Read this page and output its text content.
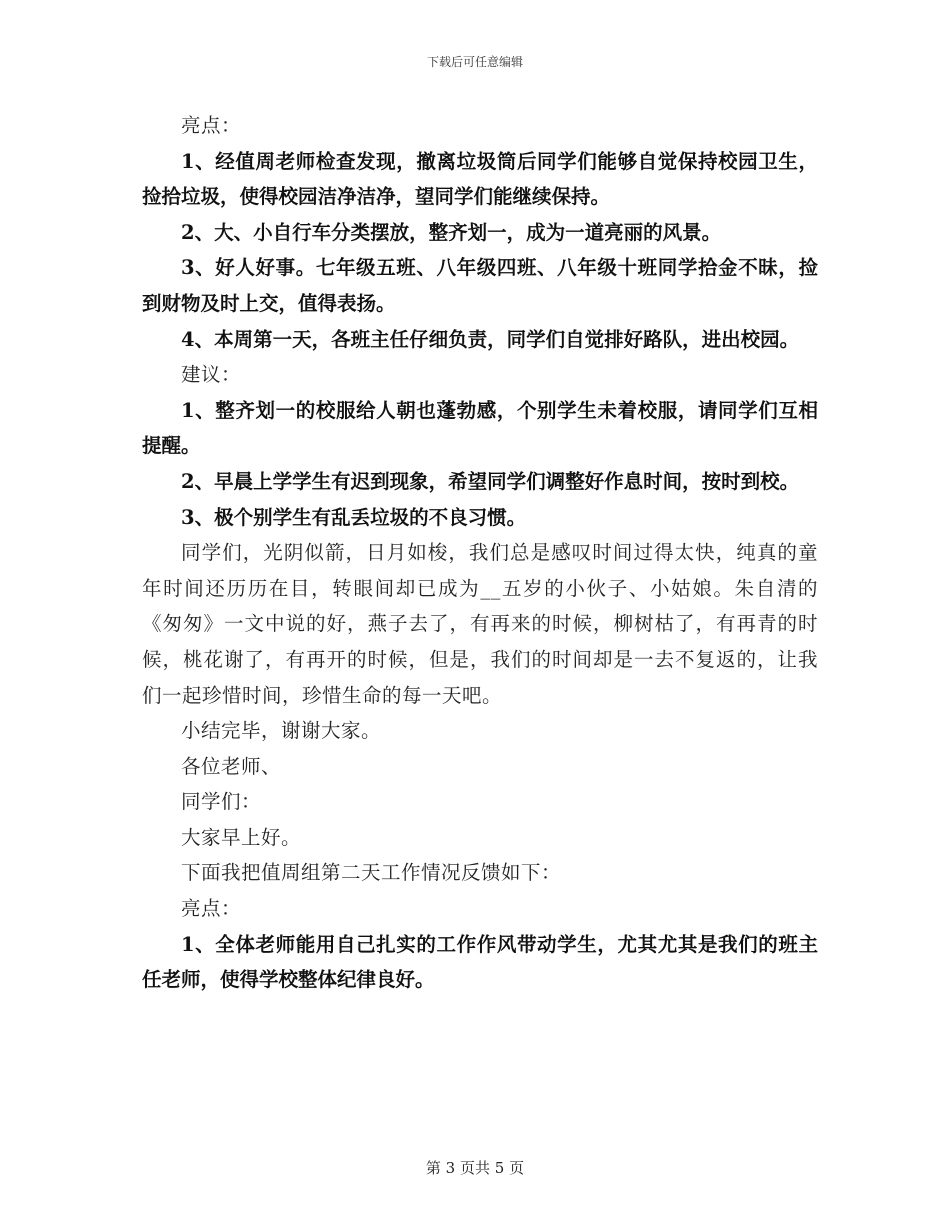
下载后可任意编辑

亮点：

1、经值周老师检查发现，撤离垃圾筒后同学们能够自觉保持校园卫生，捡拾垃圾，使得校园洁净洁净，望同学们能继续保持。

2、大、小自行车分类摆放，整齐划一，成为一道亮丽的风景。

3、好人好事。七年级五班、八年级四班、八年级十班同学拾金不昧，捡到财物及时上交，值得表扬。

4、本周第一天，各班主任仔细负责，同学们自觉排好路队，进出校园。

建议：

1、整齐划一的校服给人朝也蓬勃感，个别学生未着校服，请同学们互相提醒。

2、早晨上学学生有迟到现象，希望同学们调整好作息时间，按时到校。

3、极个别学生有乱丢垃圾的不良习惯。

同学们，光阴似箭，日月如梭，我们总是感叹时间过得太快，纯真的童年时间还历历在目，转眼间却已成为__五岁的小伙子、小姑娘。朱自清的《匆匆》一文中说的好，燕子去了，有再来的时候，柳树枯了，有再青的时候，桃花谢了，有再开的时候，但是，我们的时间却是一去不复返的，让我们一起珍惜时间，珍惜生命的每一天吧。

小结完毕，谢谢大家。

各位老师、

同学们：

大家早上好。

下面我把值周组第二天工作情况反馈如下：

亮点：

1、全体老师能用自己扎实的工作作风带动学生，尤其尤其是我们的班主任老师，使得学校整体纪律良好。

第 3 页共 5 页
